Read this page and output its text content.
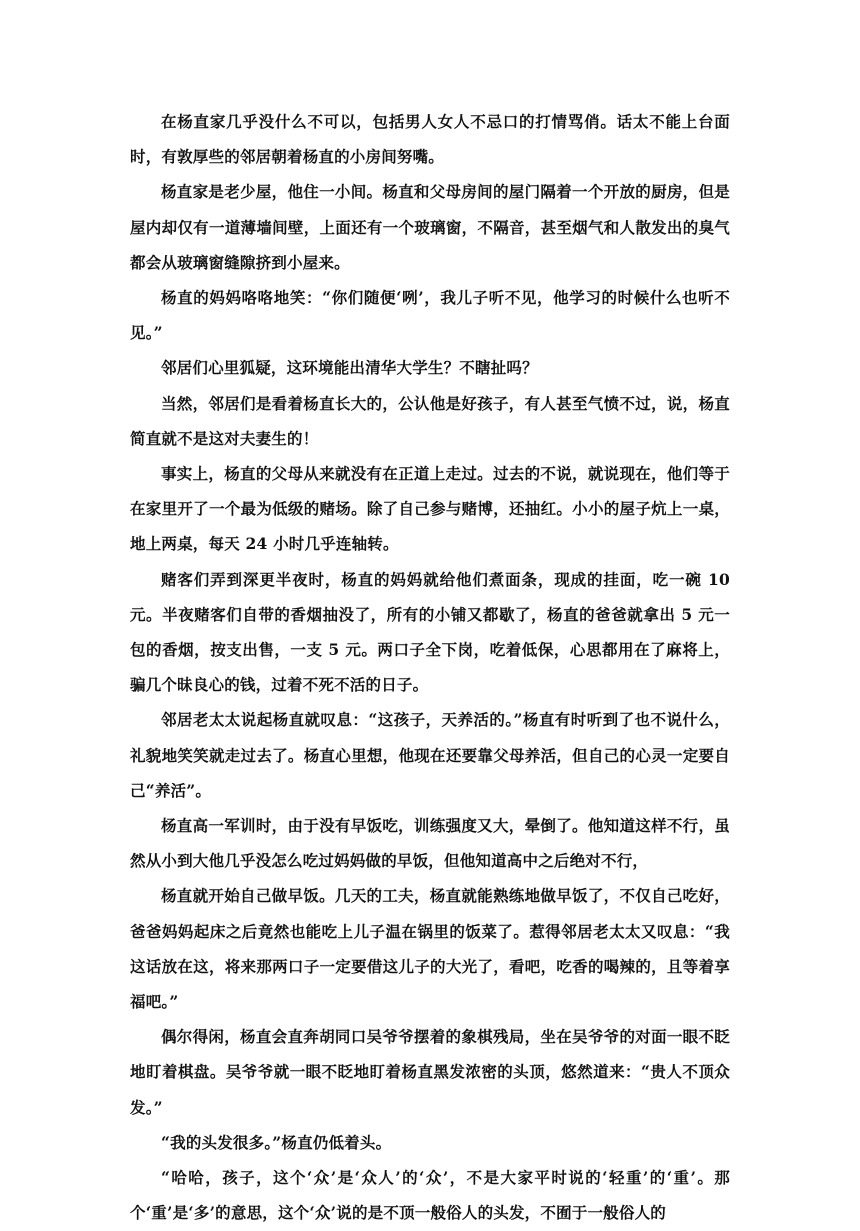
在杨直家几乎没什么不可以，包括男人女人不忌口的打情骂俏。话太不能上台面时，有敦厚些的邻居朝着杨直的小房间努嘴。

杨直家是老少屋，他住一小间。杨直和父母房间的屋门隔着一个开放的厨房，但是屋内却仅有一道薄墙间壁，上面还有一个玻璃窗，不隔音，甚至烟气和人散发出的臭气都会从玻璃窗缝隙挤到小屋来。

杨直的妈妈咯咯地笑：“你们随便‘咧’，我儿子听不见，他学习的时候什么也听不见。”

邻居们心里狐疑，这环境能出清华大学生？不瞎扯吗？

当然，邻居们是看着杨直长大的，公认他是好孩子，有人甚至气愤不过，说，杨直简直就不是这对夫妻生的！

事实上，杨直的父母从来就没有在正道上走过。过去的不说，就说现在，他们等于在家里开了一个最为低级的赌场。除了自己参与赌博，还抽红。小小的屋子炕上一桌，地上两桌，每天 24 小时几乎连轴转。

赌客们弄到深更半夜时，杨直的妈妈就给他们煮面条，现成的挂面，吃一碗 10 元。半夜赌客们自带的香烟抽没了，所有的小铺又都歇了，杨直的爸爸就拿出 5 元一包的香烟，按支出售，一支 5 元。两口子全下岗，吃着低保，心思都用在了麻将上，骗几个昧良心的钱，过着不死不活的日子。

邻居老太太说起杨直就叹息：“这孩子，天养活的。”杨直有时听到了也不说什么，礼貌地笑笑就走过去了。杨直心里想，他现在还要靠父母养活，但自己的心灵一定要自己“养活”。

杨直高一军训时，由于没有早饭吃，训练强度又大，晕倒了。他知道这样不行，虽然从小到大他几乎没怎么吃过妈妈做的早饭，但他知道高中之后绝对不行，

杨直就开始自己做早饭。几天的工夫，杨直就能熟练地做早饭了，不仅自己吃好，爸爸妈妈起床之后竟然也能吃上儿子温在锅里的饭菜了。惹得邻居老太太又叹息：“我这话放在这，将来那两口子一定要借这儿子的大光了，看吧，吃香的喝辣的，且等着享福吧。”

偶尔得闲，杨直会直奔胡同口吴爷爷摆着的象棋残局，坐在吴爷爷的对面一眼不眨地盯着棋盘。吴爷爷就一眼不眨地盯着杨直黑发浓密的头顶，悠然道来：“贵人不顶众发。”

“我的头发很多。”杨直仍低着头。

“哈哈，孩子，这个‘众’是‘众人’的‘众’，不是大家平时说的‘轻重’的‘重’。那个‘重’是‘多’的意思，这个‘众’说的是不顶一般俗人的头发，不囿于一般俗人的
